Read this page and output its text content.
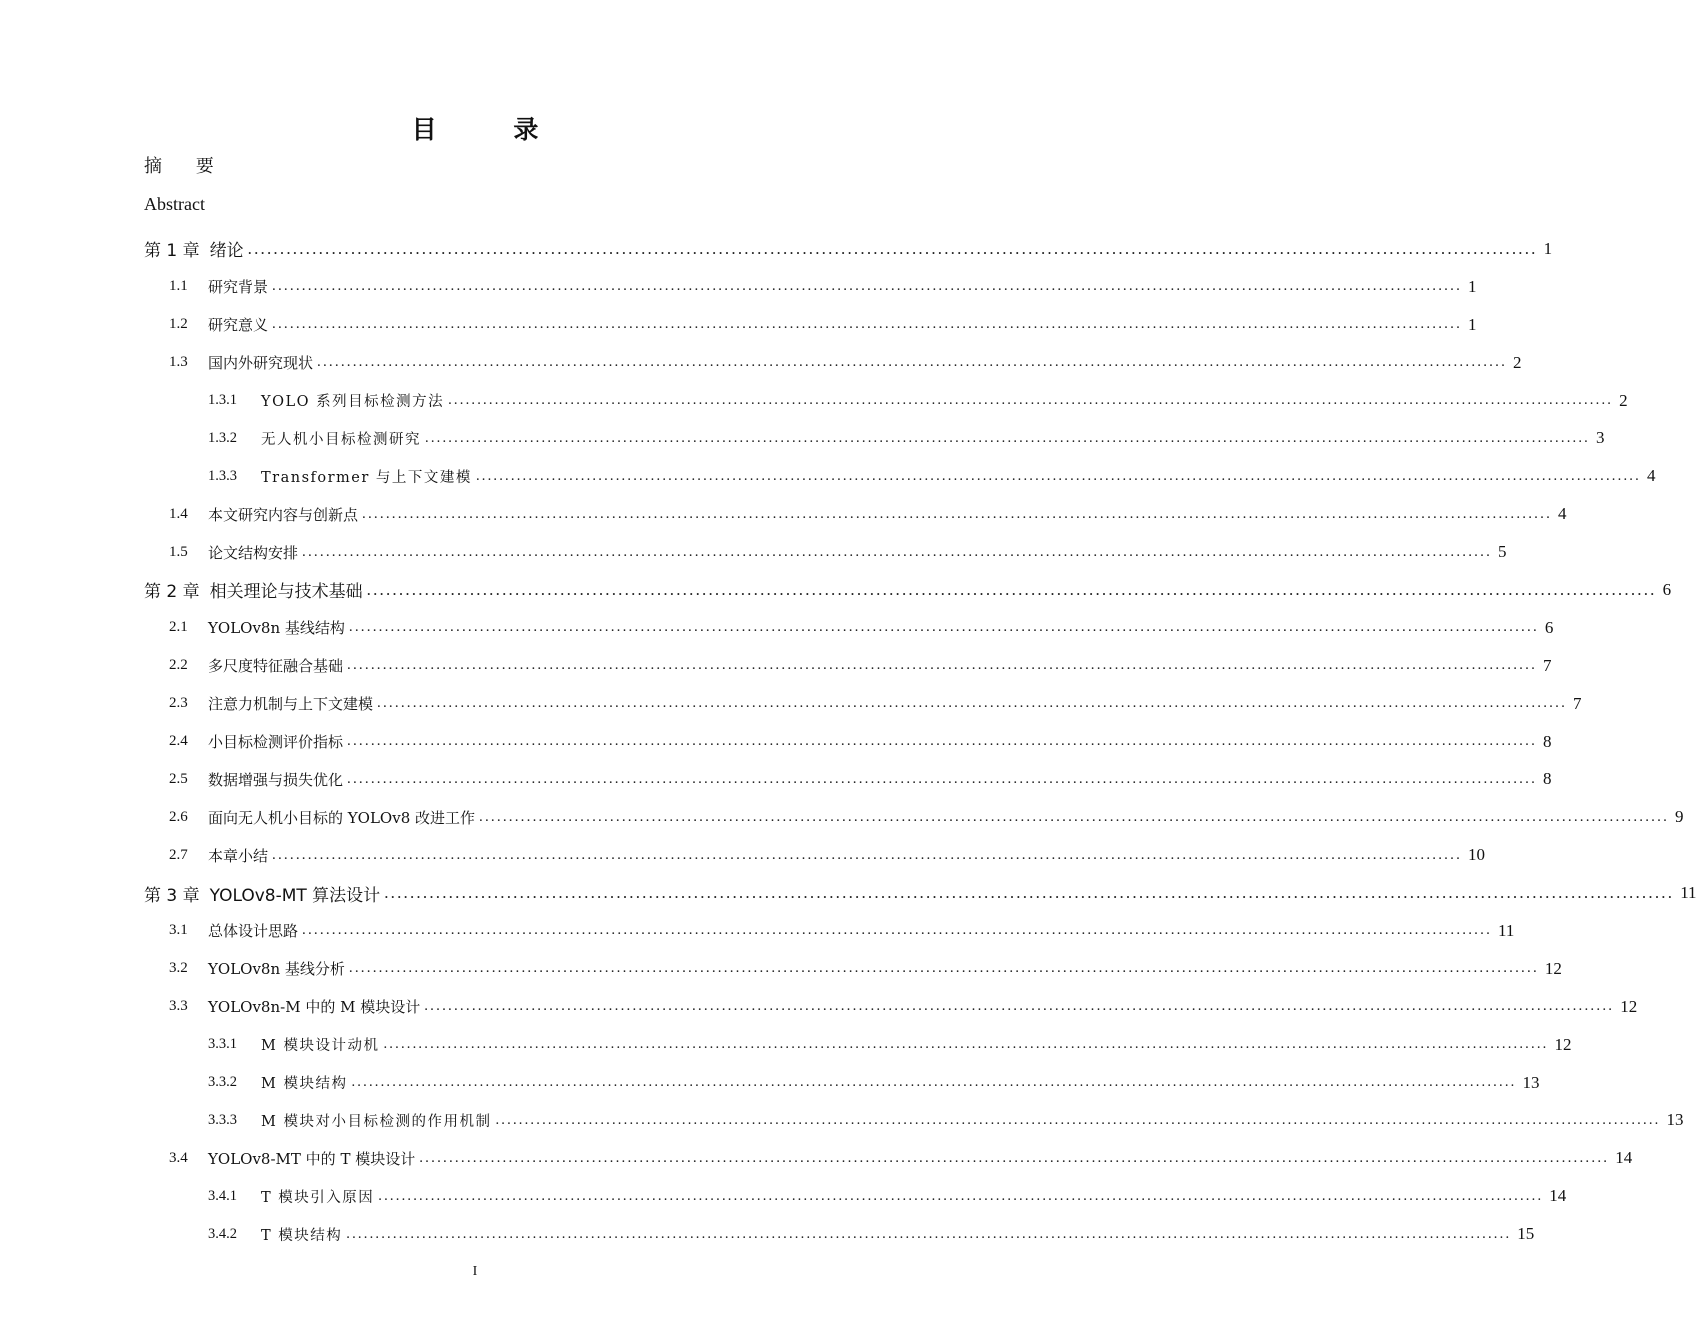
目 录
摘 要
Abstract
第 1 章 绪论 ........................................................................................................................................................................................................ 1
1.1	研究背景 ........................................................................................................................................................................................................ 1
1.2	研究意义 ........................................................................................................................................................................................................ 1
1.3	国内外研究现状 ........................................................................................................................................................................................................ 2
1.3.1	YOLO 系列目标检测方法 ........................................................................................................................................................................................................ 2
1.3.2	无人机小目标检测研究 ........................................................................................................................................................................................................ 3
1.3.3	Transformer 与上下文建模 ........................................................................................................................................................................................................ 4
1.4	本文研究内容与创新点 ........................................................................................................................................................................................................ 4
1.5	论文结构安排 ........................................................................................................................................................................................................ 5
第 2 章 相关理论与技术基础 ........................................................................................................................................................................................................ 6
2.1	YOLOv8n 基线结构 ........................................................................................................................................................................................................ 6
2.2	多尺度特征融合基础 ........................................................................................................................................................................................................ 7
2.3	注意力机制与上下文建模 ........................................................................................................................................................................................................ 7
2.4	小目标检测评价指标 ........................................................................................................................................................................................................ 8
2.5	数据增强与损失优化 ........................................................................................................................................................................................................ 8
2.6	面向无人机小目标的 YOLOv8 改进工作 ........................................................................................................................................................................................................ 9
2.7	本章小结 ........................................................................................................................................................................................................ 10
第 3 章 YOLOv8-MT 算法设计 ........................................................................................................................................................................................................ 11
3.1	总体设计思路 ........................................................................................................................................................................................................ 11
3.2	YOLOv8n 基线分析 ........................................................................................................................................................................................................ 12
3.3	YOLOv8n-M 中的 M 模块设计 ........................................................................................................................................................................................................ 12
3.3.1	M 模块设计动机 ........................................................................................................................................................................................................ 12
3.3.2	M 模块结构 ........................................................................................................................................................................................................ 13
3.3.3	M 模块对小目标检测的作用机制 ........................................................................................................................................................................................................ 13
3.4	YOLOv8-MT 中的 T 模块设计 ........................................................................................................................................................................................................ 14
3.4.1	T 模块引入原因 ........................................................................................................................................................................................................ 14
3.4.2	T 模块结构 ........................................................................................................................................................................................................ 15
I
